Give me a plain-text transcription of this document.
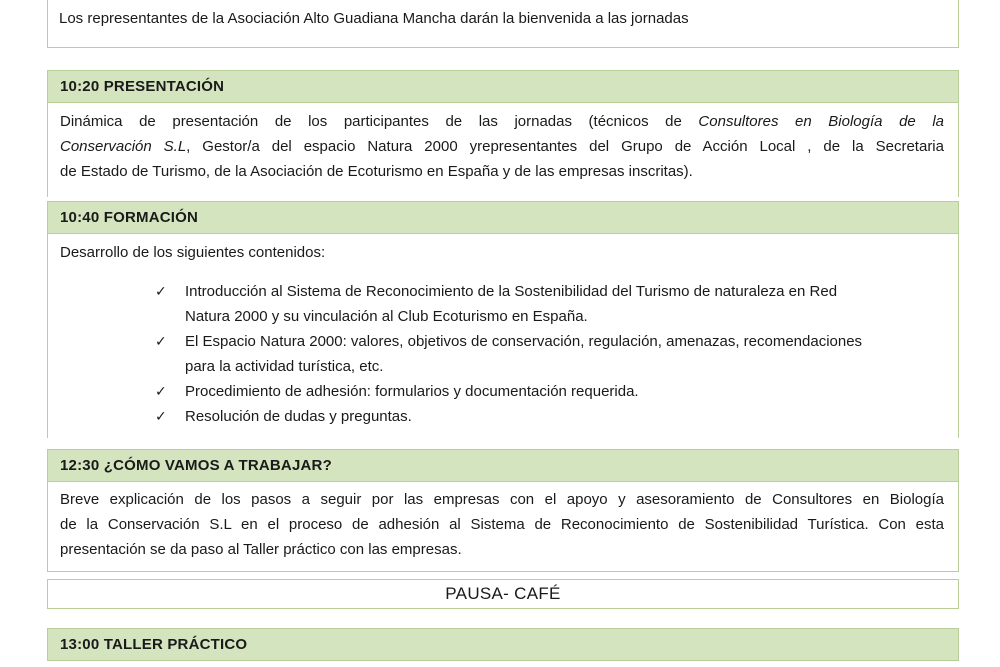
Los representantes de la Asociación Alto Guadiana Mancha darán la bienvenida a las jornadas
10:20 PRESENTACIÓN
Dinámica de presentación de los participantes de las jornadas (técnicos de Consultores en Biología de la
Conservación S.L, Gestor/a del espacio Natura 2000 yrepresentantes del Grupo de Acción Local , de la Secretaria
de Estado de Turismo, de la Asociación de Ecoturismo en España y de las empresas inscritas).
10:40 FORMACIÓN
Desarrollo de los siguientes contenidos:
✓ Introducción al Sistema de Reconocimiento de la Sostenibilidad del Turismo de naturaleza en Red
Natura 2000 y su vinculación al Club Ecoturismo en España.
✓ El Espacio Natura 2000: valores, objetivos de conservación, regulación, amenazas, recomendaciones
para la actividad turística, etc.
✓ Procedimiento de adhesión: formularios y documentación requerida.
✓ Resolución de dudas y preguntas.
12:30 ¿CÓMO VAMOS A TRABAJAR?
Breve explicación de los pasos a seguir por las empresas con el apoyo y asesoramiento de Consultores en Biología
de la Conservación S.L en el proceso de adhesión al Sistema de Reconocimiento de Sostenibilidad Turística. Con esta
presentación se da paso al Taller práctico con las empresas.
PAUSA- CAFÉ
13:00 TALLER PRÁCTICO
